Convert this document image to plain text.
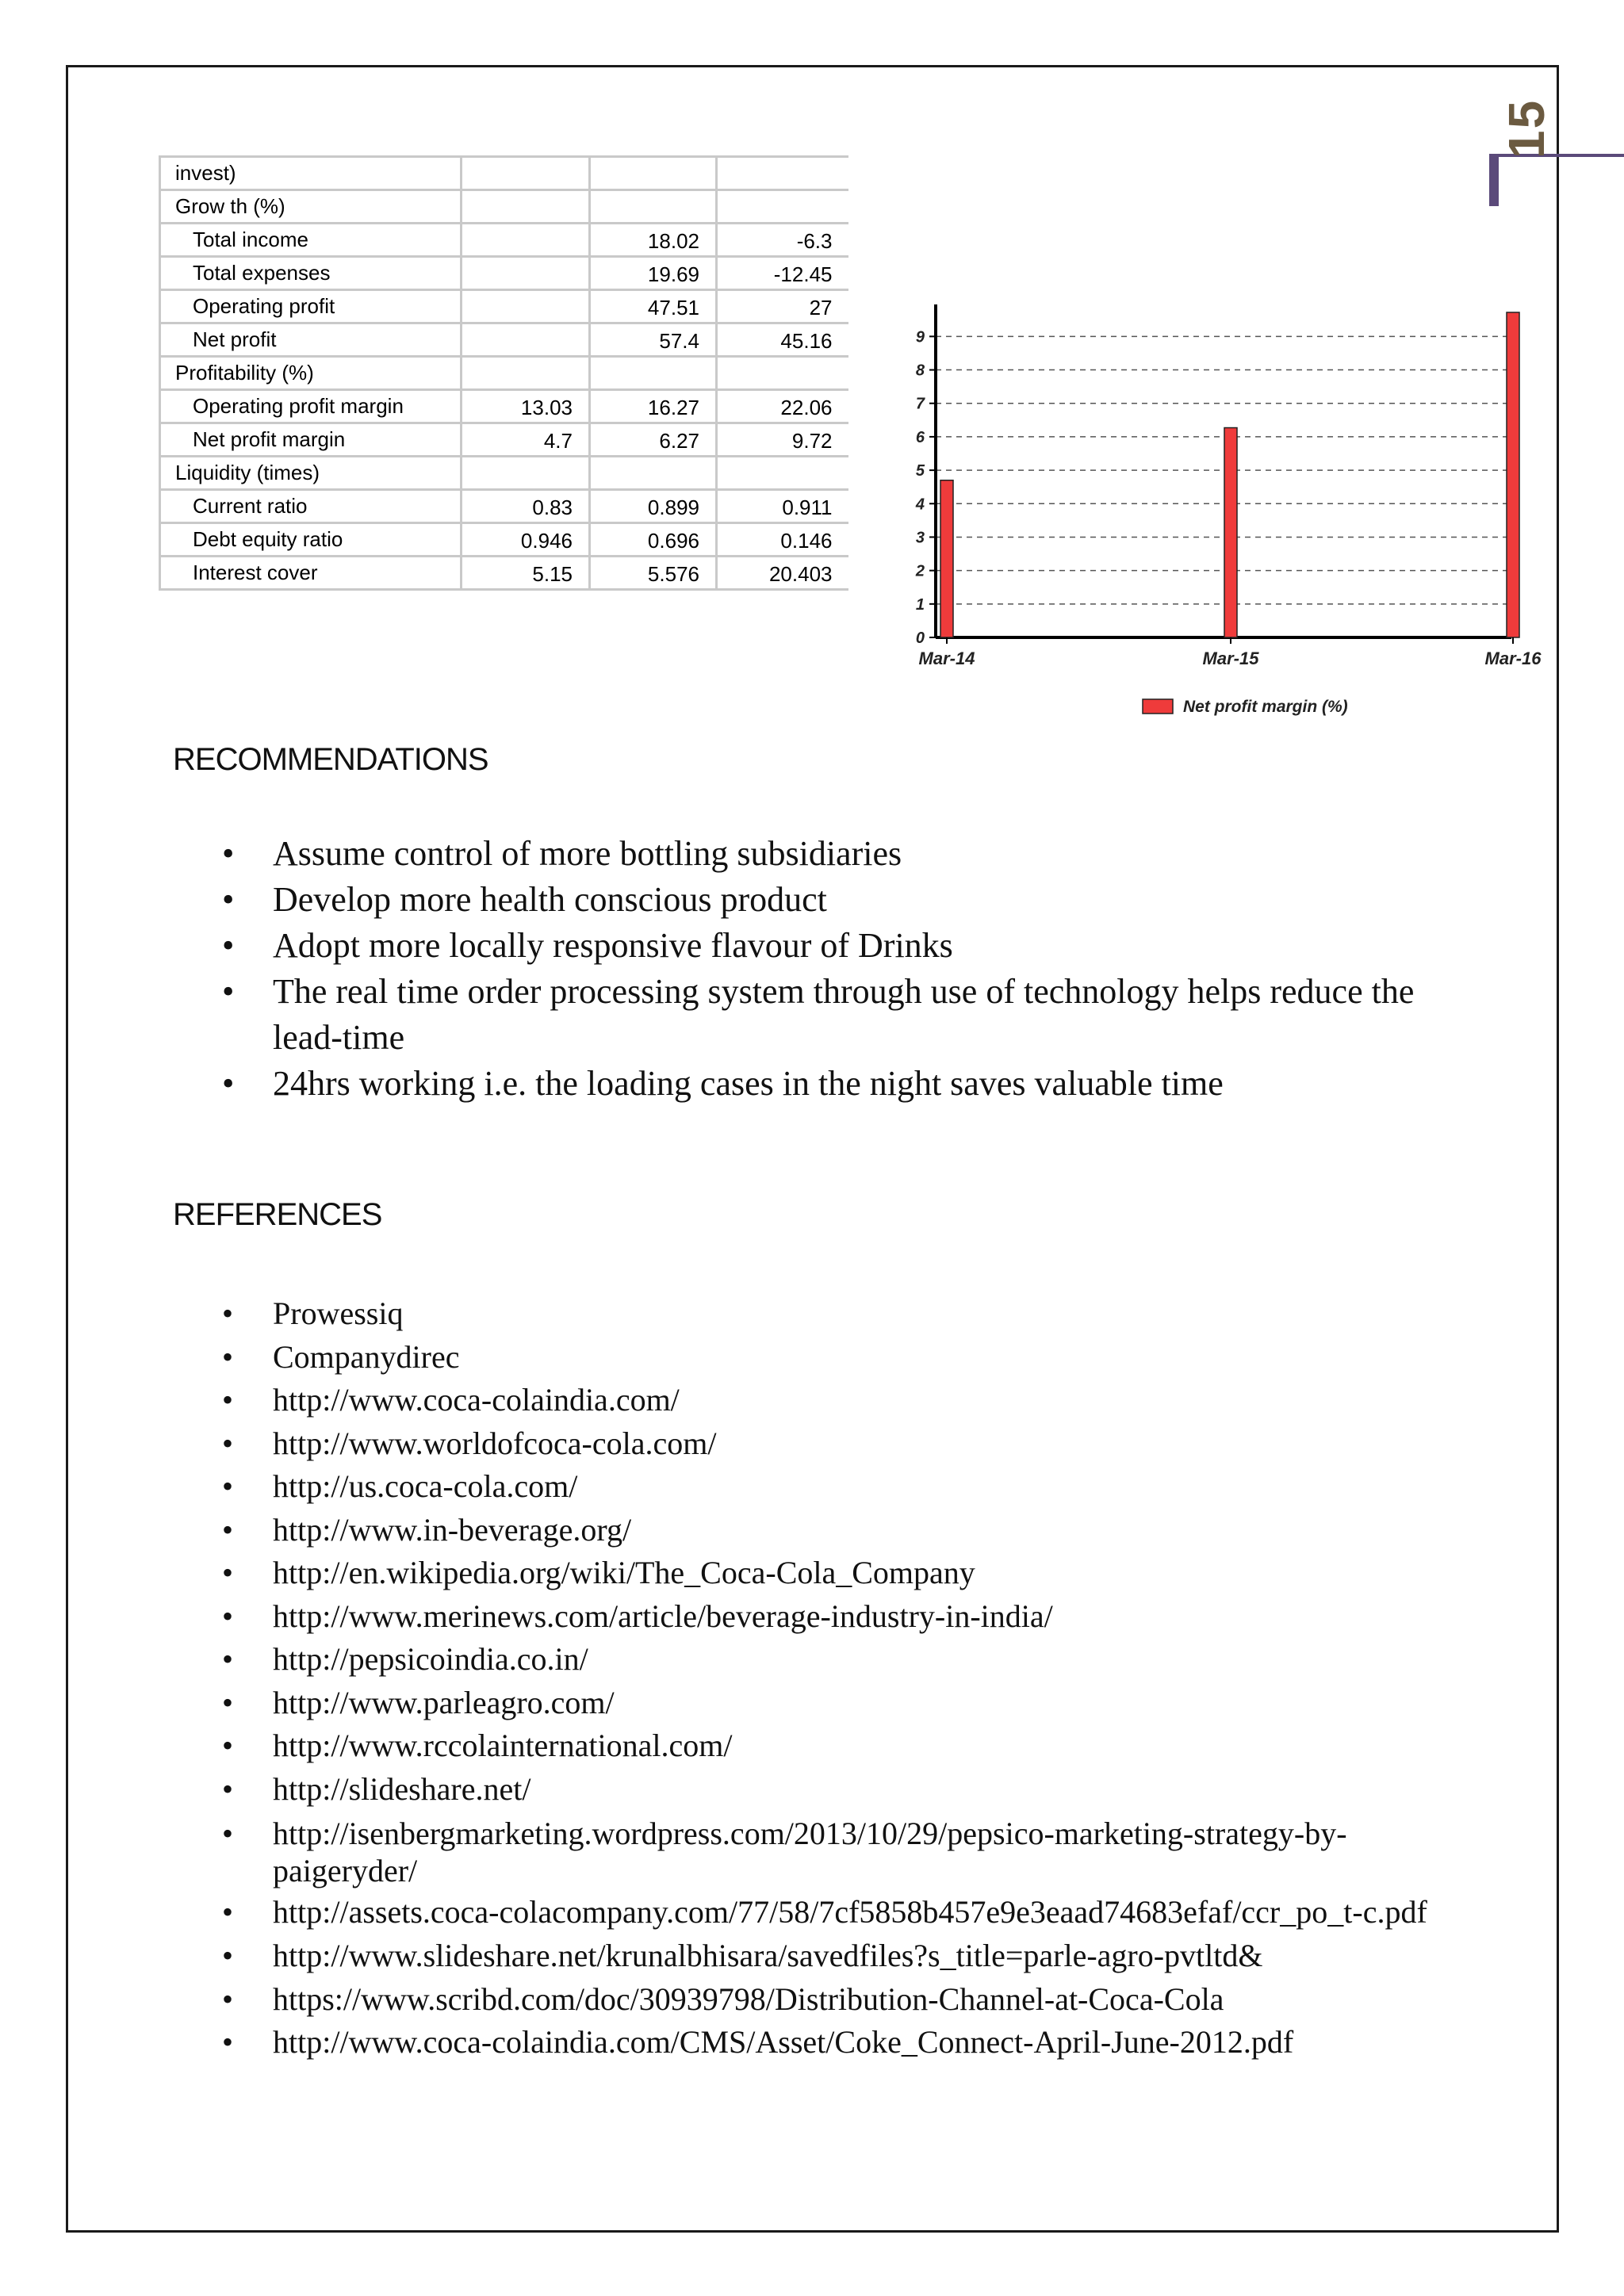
15
invest)			
Grow th (%)			
Total income		18.02	-6.3
Total expenses		19.69	-12.45
Operating profit		47.51	27
Net profit		57.4	45.16
Profitability (%)			
Operating profit margin	13.03	16.27	22.06
Net profit margin	4.7	6.27	9.72
Liquidity (times)			
Current ratio	0.83	0.899	0.911
Debt equity ratio	0.946	0.696	0.146
Interest cover	5.15	5.576	20.403
0
1
2
3
4
5
6
7
8
9
Mar-14	Mar-15	Mar-16
Net profit margin (%)
RECOMMENDATIONS
• Assume control of more bottling subsidiaries
• Develop more health conscious product
• Adopt more locally responsive flavour of Drinks
• The real time order processing system through use of technology helps reduce the lead-time
• 24hrs working i.e. the loading cases in the night saves valuable time
REFERENCES
• Prowessiq
• Companydirec
• http://www.coca-colaindia.com/
• http://www.worldofcoca-cola.com/
• http://us.coca-cola.com/
• http://www.in-beverage.org/
• http://en.wikipedia.org/wiki/The_Coca-Cola_Company
• http://www.merinews.com/article/beverage-industry-in-india/
• http://pepsicoindia.co.in/
• http://www.parleagro.com/
• http://www.rccolainternational.com/
• http://slideshare.net/
• http://isenbergmarketing.wordpress.com/2013/10/29/pepsico-marketing-strategy-by-paigeryder/
• http://assets.coca-colacompany.com/77/58/7cf5858b457e9e3eaad74683efaf/ccr_po_t-c.pdf
• http://www.slideshare.net/krunalbhisara/savedfiles?s_title=parle-agro-pvtltd&
• https://www.scribd.com/doc/30939798/Distribution-Channel-at-Coca-Cola
• http://www.coca-colaindia.com/CMS/Asset/Coke_Connect-April-June-2012.pdf
